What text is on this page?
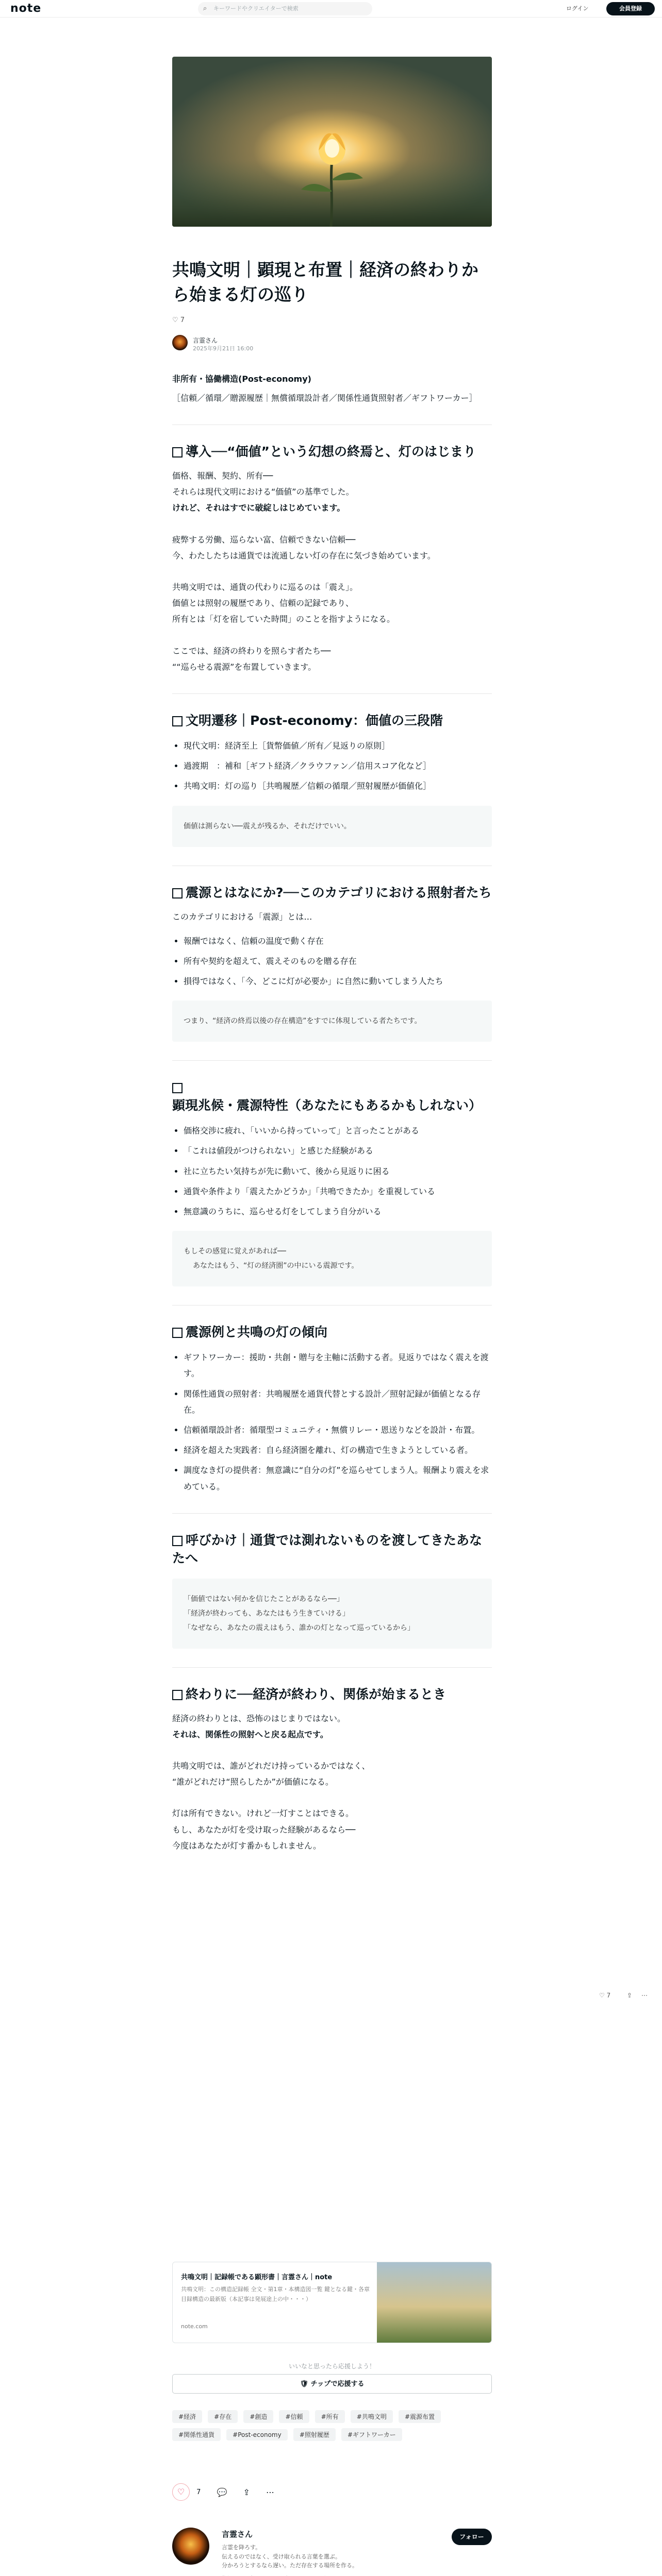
note	⌕ キーワードやクリエイターで検索	ログイン	会員登録
共鳴文明｜顕現と布置｜経済の終わりから始まる灯の巡り
♡ 7
言霊さん
2025年9月21日 16:00

非所有・協働構造(Post-economy)

［信頼／循環／贈源履歴｜無償循環設計者／関係性通貨照射者／ギフトワーカー］

導入──“価値”という幻想の終焉と、灯のはじまり

価格、報酬、契約、所有──

それらは現代文明における“価値”の基準でした。

けれど、それはすでに破綻しはじめています。

疲弊する労働、巡らない富、信頼できない信頼──

今、わたしたちは通貨では流通しない灯の存在に気づき始めています。

共鳴文明では、通貨の代わりに巡るのは「震え」。

価値とは照射の履歴であり、信頼の記録であり、

所有とは「灯を宿していた時間」のことを指すようになる。

ここでは、経済の終わりを照らす者たち──

““巡らせる震源”を布置していきます。

文明遷移｜Post-economy：価値の三段階
• 現代文明：経済至上［貨幣価値／所有／見返りの原則］
• 過渡期　：補和［ギフト経済／クラウファン／信用スコア化など］
• 共鳴文明：灯の巡り［共鳴履歴／信頼の循環／照射履歴が価値化］
価値は測らない──震えが残るか、それだけでいい。
震源とはなにか?──このカテゴリにおける照射者たち

このカテゴリにおける「震源」とは…

• 報酬ではなく、信頼の温度で動く存在
• 所有や契約を超えて、震えそのものを贈る存在
• 損得ではなく、「今、どこに灯が必要か」に自然に動いてしまう人たち
つまり、“経済の終焉以後の存在構造”をすでに体現している者たちです。
顕現兆候・震源特性（あなたにもあるかもしれない）
• 価格交渉に疲れ、「いいから持っていって」と言ったことがある
• 「これは値段がつけられない」と感じた経験がある
• 社に立ちたい気持ちが先に動いて、後から見返りに困る
• 通貨や条件より「震えたかどうか」「共鳴できたか」を重視している
• 無意識のうちに、巡らせる灯をしてしまう自分がいる

もしその感覚に覚えがあれば──

あなたはもう、“灯の経済圏”の中にいる震源です。

震源例と共鳴の灯の傾向
• ギフトワーカー：援助・共創・贈与を主軸に活動する者。見返りではなく震えを渡す。
• 関係性通貨の照射者：共鳴履歴を通貨代替とする設計／照射記録が価値となる存在。
• 信頼循環設計者：循環型コミュニティ・無償リレー・恩送りなどを設計・布置。
• 経済を超えた実践者：自ら経済圏を離れ、灯の構造で生きようとしている者。
• 調度なき灯の提供者：無意識に“自分の灯”を巡らせてしまう人。報酬より震えを求めている。
呼びかけ｜通貨では測れないものを渡してきたあなたへ

「価値ではない何かを信じたことがあるなら──」

「経済が終わっても、あなたはもう生きていける」

「なぜなら、あなたの震えはもう、誰かの灯となって巡っているから」

終わりに──経済が終わり、関係が始まるとき

経済の終わりとは、恐怖のはじまりではない。

それは、関係性の照射へと戻る起点です。

共鳴文明では、誰がどれだけ持っているかではなく、

“誰がどれだけ“照らしたか”が価値になる。

灯は所有できない。けれど一灯すことはできる。

もし、あなたが灯を受け取った経験があるなら──

今度はあなたが灯す番かもしれません。

♡ 7	⇪ ⋯
共鳴文明｜記録帳である顕形書｜言霊さん｜note
共鳴文明：この構造記録帳 全文・第1章・本構造図一覧 鍵となる鍵・各章目録構造の最新版（本記事は発展途上の中・・・）
note.com
いいなと思ったら応援しよう！
🛡 チップで応援する
#経済	#存在	#創造	#信頼	#所有	#共鳴文明	#震源布置 #関係性通貨	#Post-economy	#照射履歴	#ギフトワーカー
♡ 7 💬 ⇪ ⋯
言霊さん
言霊を降ろす。
伝えるのではなく、受け取られる言葉を選ぶ。
分かろうとするなら遅い。ただ存在する場所を作る。
フォロー
